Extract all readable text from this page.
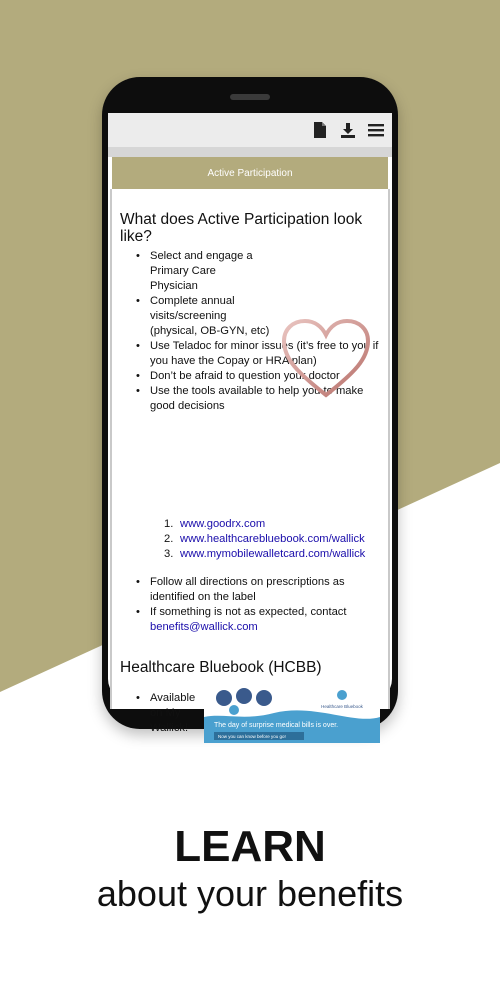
Active Participation
What does Active Participation look like?
• Select and engage a Primary Care Physician
• Complete annual visits/screening (physical, OB-GYN, etc)
• Use Teladoc for minor issues (it’s free to you if you have the Copay or HRA plan)
• Don’t be afraid to question your doctor
• Use the tools available to help you to make good decisions
1. www.goodrx.com
2. www.healthcarebluebook.com/wallick
3. www.mymobilewalletcard.com/wallick
• Follow all directions on prescriptions as identified on the label
• If something is not as expected, contact
benefits@wallick.com
Healthcare Bluebook (HCBB)
• Available on My Wallick!
Healthcare Bluebook
The day of surprise medical bills is over.
Now you can know before you go!
LEARN
about your benefits
